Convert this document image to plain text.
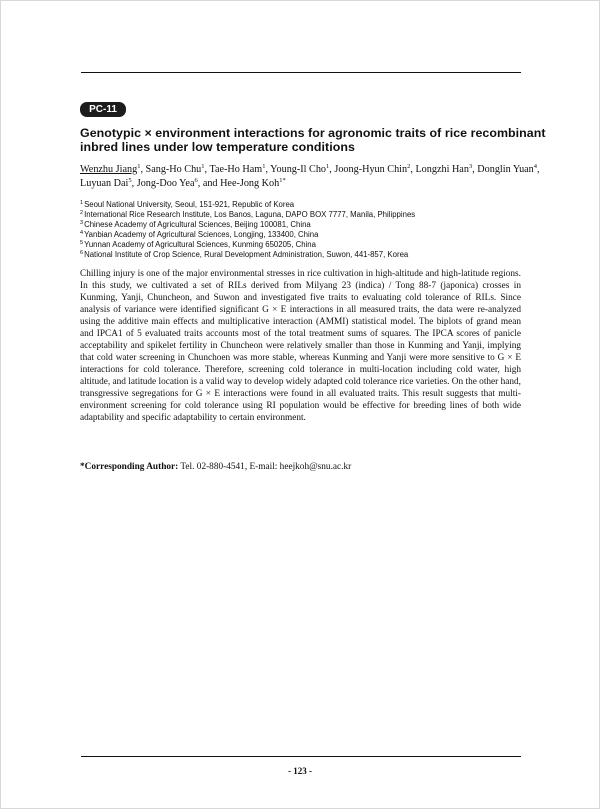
PC-11
Genotypic × environment interactions for agronomic traits of rice recombinant
inbred lines under low temperature conditions
Wenzhu Jiang$^1$, Sang-Ho Chu$^1$, Tae-Ho Ham$^1$, Young-Il Cho$^1$, Joong-Hyun Chin$^2$, Longzhi Han$^3$, Donglin Yuan$^4$,
Luyuan Dai$^5$, Jong-Doo Yea$^6$, and Hee-Jong Koh$^{1*}$
$^1$Seoul National University, Seoul, 151-921, Republic of Korea
$^2$International Rice Research Institute, Los Banos, Laguna, DAPO BOX 7777, Manila, Philippines
$^3$Chinese Academy of Agricultural Sciences, Beijing 100081, China
$^4$Yanbian Academy of Agricultural Sciences, Longjing, 133400, China
$^5$Yunnan Academy of Agricultural Sciences, Kunming 650205, China
$^6$National Institute of Crop Science, Rural Development Administration, Suwon, 441-857, Korea

Chilling injury is one of the major environmental stresses in rice cultivation in high-altitude and high-latitude regions. In this study, we cultivated a set of RILs derived from Milyang 23 (indica) / Tong 88-7 (japonica) crosses in Kunming, Yanji, Chuncheon, and Suwon and investigated five traits to evaluating cold tolerance of RILs. Since analysis of variance were identified significant G × E interactions in all measured traits, the data were re-analyzed using the additive main effects and multiplicative interaction (AMMI) statistical model. The biplots of grand mean and IPCA1 of 5 evaluated traits accounts most of the total treatment sums of squares. The IPCA scores of panicle acceptability and spikelet fertility in Chuncheon were relatively smaller than those in Kunming and Yanji, implying that cold water screening in Chunchoen was more stable, whereas Kunming and Yanji were more sensitive to G × E interactions for cold tolerance. Therefore, screening cold tolerance in multi-location including cold water, high altitude, and latitude location is a valid way to develop widely adapted cold tolerance rice varieties. On the other hand, transgressive segregations for G × E interactions were found in all evaluated traits. This result suggests that multi-environment screening for cold tolerance using RI population would be effective for breeding lines of both wide adaptability and specific adaptability to certain environment.

*Corresponding Author: Tel. 02-880-4541, E-mail: heejkoh@snu.ac.kr
- 123 -
